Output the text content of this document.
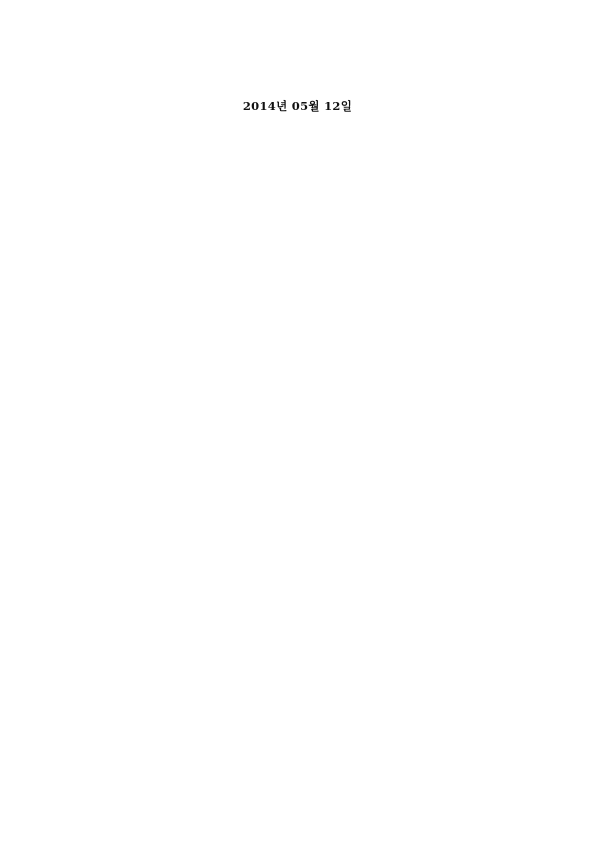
2014년 05월 12일
